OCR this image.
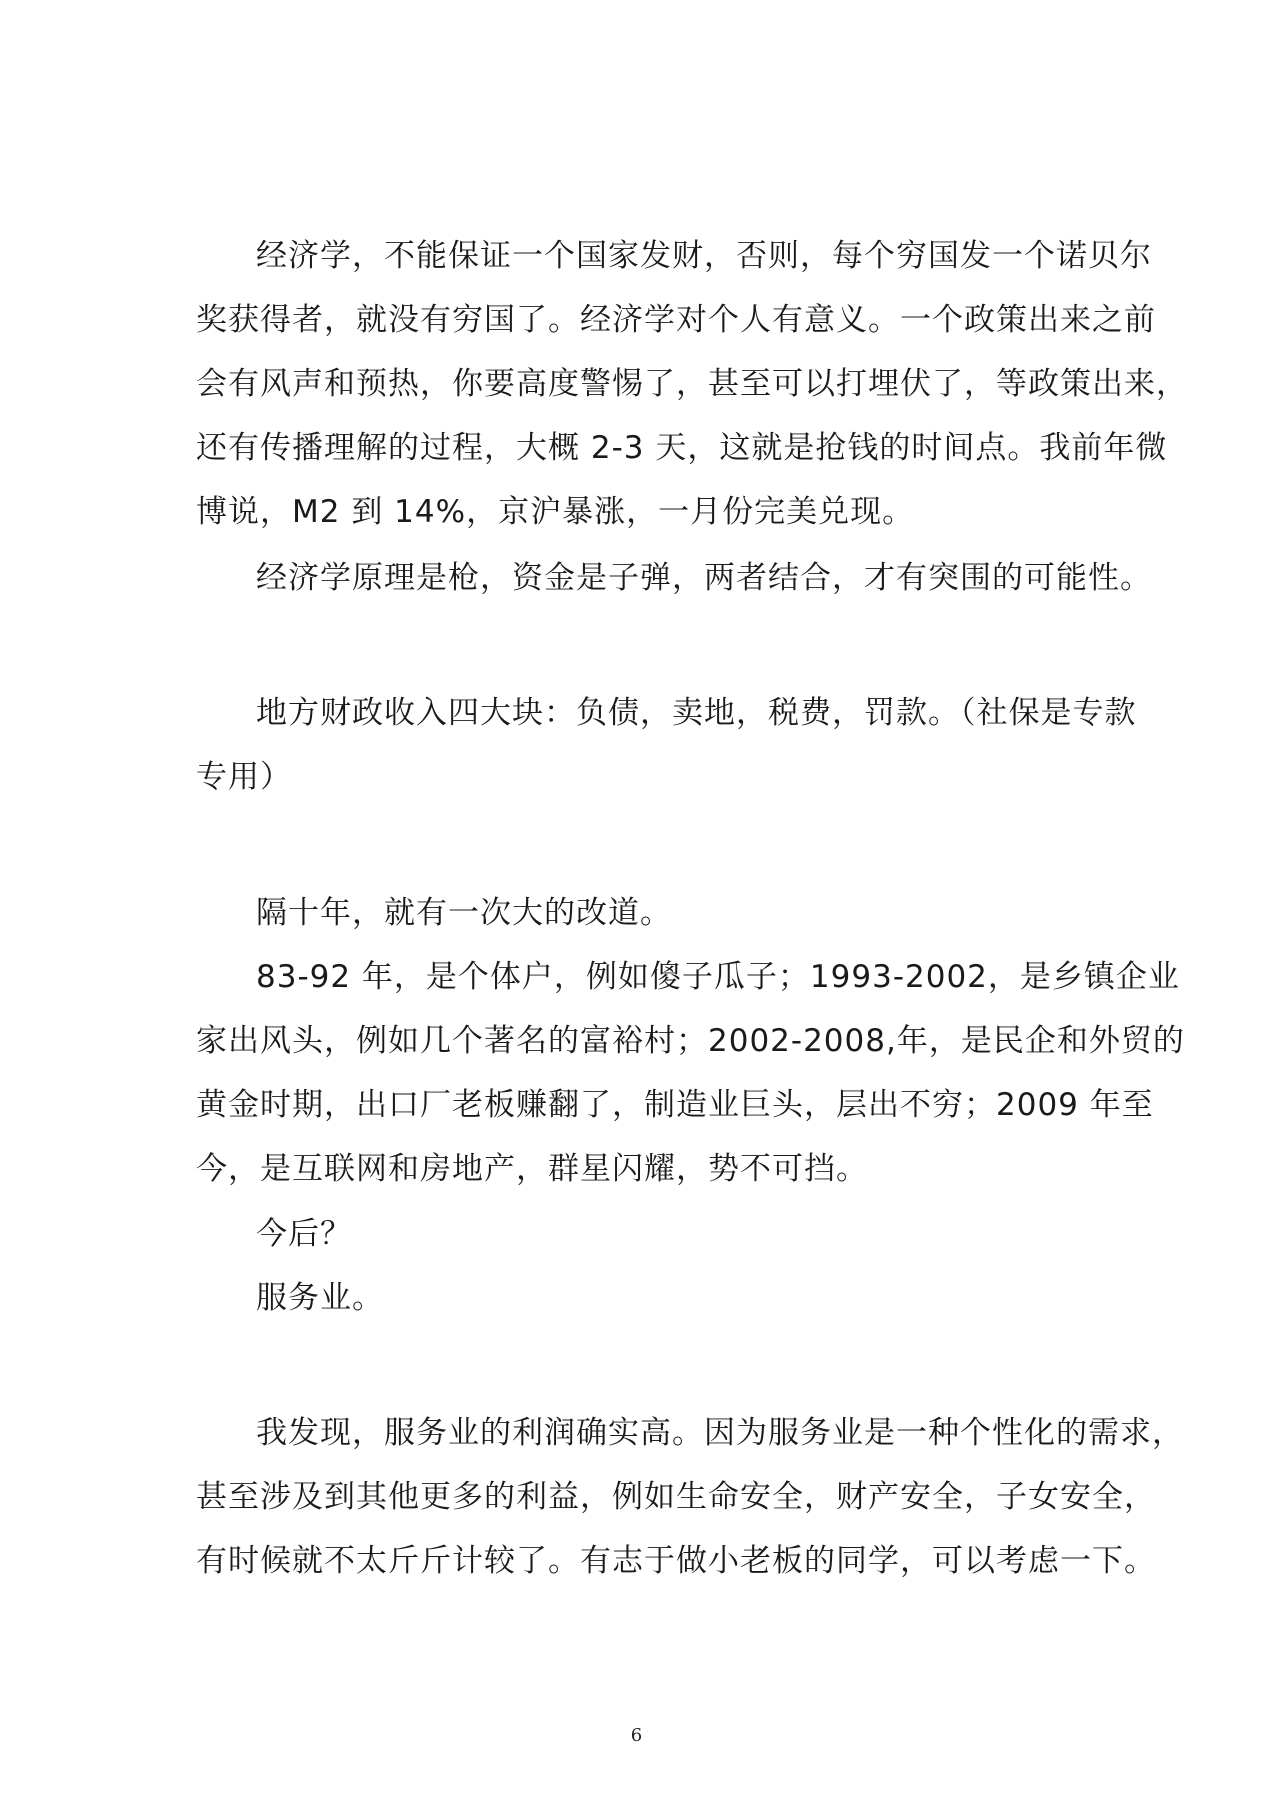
经济学，不能保证一个国家发财，否则，每个穷国发一个诺贝尔
奖获得者，就没有穷国了。经济学对个人有意义。一个政策出来之前
会有风声和预热，你要高度警惕了，甚至可以打埋伏了，等政策出来，
还有传播理解的过程，大概 2-3 天，这就是抢钱的时间点。我前年微
博说，M2 到 14%，京沪暴涨，一月份完美兑现。
经济学原理是枪，资金是子弹，两者结合，才有突围的可能性。
地方财政收入四大块：负债，卖地，税费，罚款。（社保是专款
专用）
隔十年，就有一次大的改道。
83-92 年，是个体户，例如傻子瓜子；1993-2002，是乡镇企业
家出风头，例如几个著名的富裕村；2002-2008,年，是民企和外贸的
黄金时期，出口厂老板赚翻了，制造业巨头，层出不穷；2009 年至
今，是互联网和房地产，群星闪耀，势不可挡。
今后？
服务业。
我发现，服务业的利润确实高。因为服务业是一种个性化的需求，
甚至涉及到其他更多的利益，例如生命安全，财产安全，子女安全，
有时候就不太斤斤计较了。有志于做小老板的同学，可以考虑一下。
6
